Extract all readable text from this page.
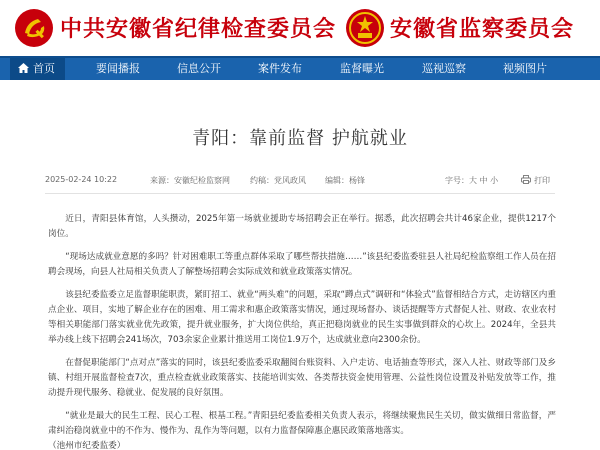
中共安徽省纪律检查委员会 安徽省监察委员会
首页	要闻播报	信息公开	案件发布	监督曝光	巡视巡察	视频图片
青阳：靠前监督 护航就业
2025-02-24 10:22	来源：安徽纪检监察网	约稿：党风政风 编辑：杨锋	字号：大 中 小	打印

近日，青阳县体育馆，人头攒动，2025年第一场就业援助专场招聘会正在举行。据悉，此次招聘会共计46家企业，提供1217个岗位。

“现场达成就业意愿的多吗？针对困难职工等重点群体采取了哪些帮扶措施……”该县纪委监委驻县人社局纪检监察组工作人员在招聘会现场，向县人社局相关负责人了解整场招聘会实际成效和就业政策落实情况。

该县纪委监委立足监督职能职责，紧盯招工、就业“两头难”的问题，采取“蹲点式”调研和“体验式”监督相结合方式，走访辖区内重点企业、项目，实地了解企业存在的困难、用工需求和惠企政策落实情况，通过现场督办、谈话提醒等方式督促人社、财政、农业农村等相关职能部门落实就业优先政策，提升就业服务，扩大岗位供给，真正把稳岗就业的民生实事做到群众的心坎上。2024年，全县共举办线上线下招聘会241场次，703余家企业累计推送用工岗位1.9万个，达成就业意向2300余份。

在督促职能部门“点对点”落实的同时，该县纪委监委采取翻阅台账资料、入户走访、电话抽查等形式，深入人社、财政等部门及乡镇、村组开展监督检查7次，重点检查就业政策落实、技能培训实效、各类帮扶资金使用管理、公益性岗位设置及补贴发放等工作，推动提升现代服务、稳就业、促发展的良好氛围。

“就业是最大的民生工程、民心工程、根基工程。”青阳县纪委监委相关负责人表示，将继续聚焦民生关切，做实做细日常监督，严肃纠治稳岗就业中的不作为、慢作为、乱作为等问题，以有力监督保障惠企惠民政策落地落实。

（池州市纪委监委）
